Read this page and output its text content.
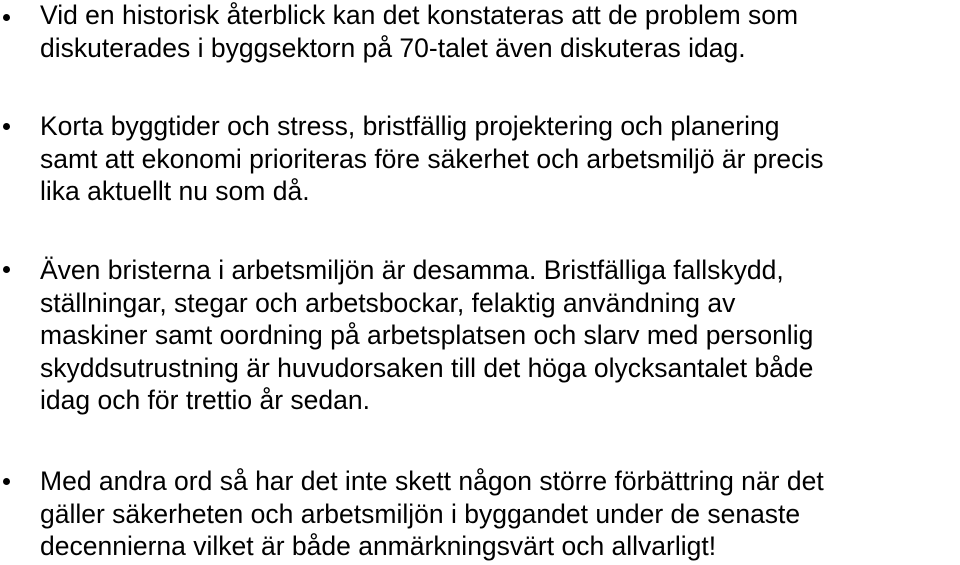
Vid en historisk återblick kan det konstateras att de problem som
diskuterades i byggsektorn på 70-talet även diskuteras idag.
Korta byggtider och stress, bristfällig projektering och planering
samt att ekonomi prioriteras före säkerhet och arbetsmiljö är precis
lika aktuellt nu som då.
Även bristerna i arbetsmiljön är desamma. Bristfälliga fallskydd,
ställningar, stegar och arbetsbockar, felaktig användning av
maskiner samt oordning på arbetsplatsen och slarv med personlig
skyddsutrustning är huvudorsaken till det höga olycksantalet både
idag och för trettio år sedan.
Med andra ord så har det inte skett någon större förbättring när det
gäller säkerheten och arbetsmiljön i byggandet under de senaste
decennierna vilket är både anmärkningsvärt och allvarligt!
